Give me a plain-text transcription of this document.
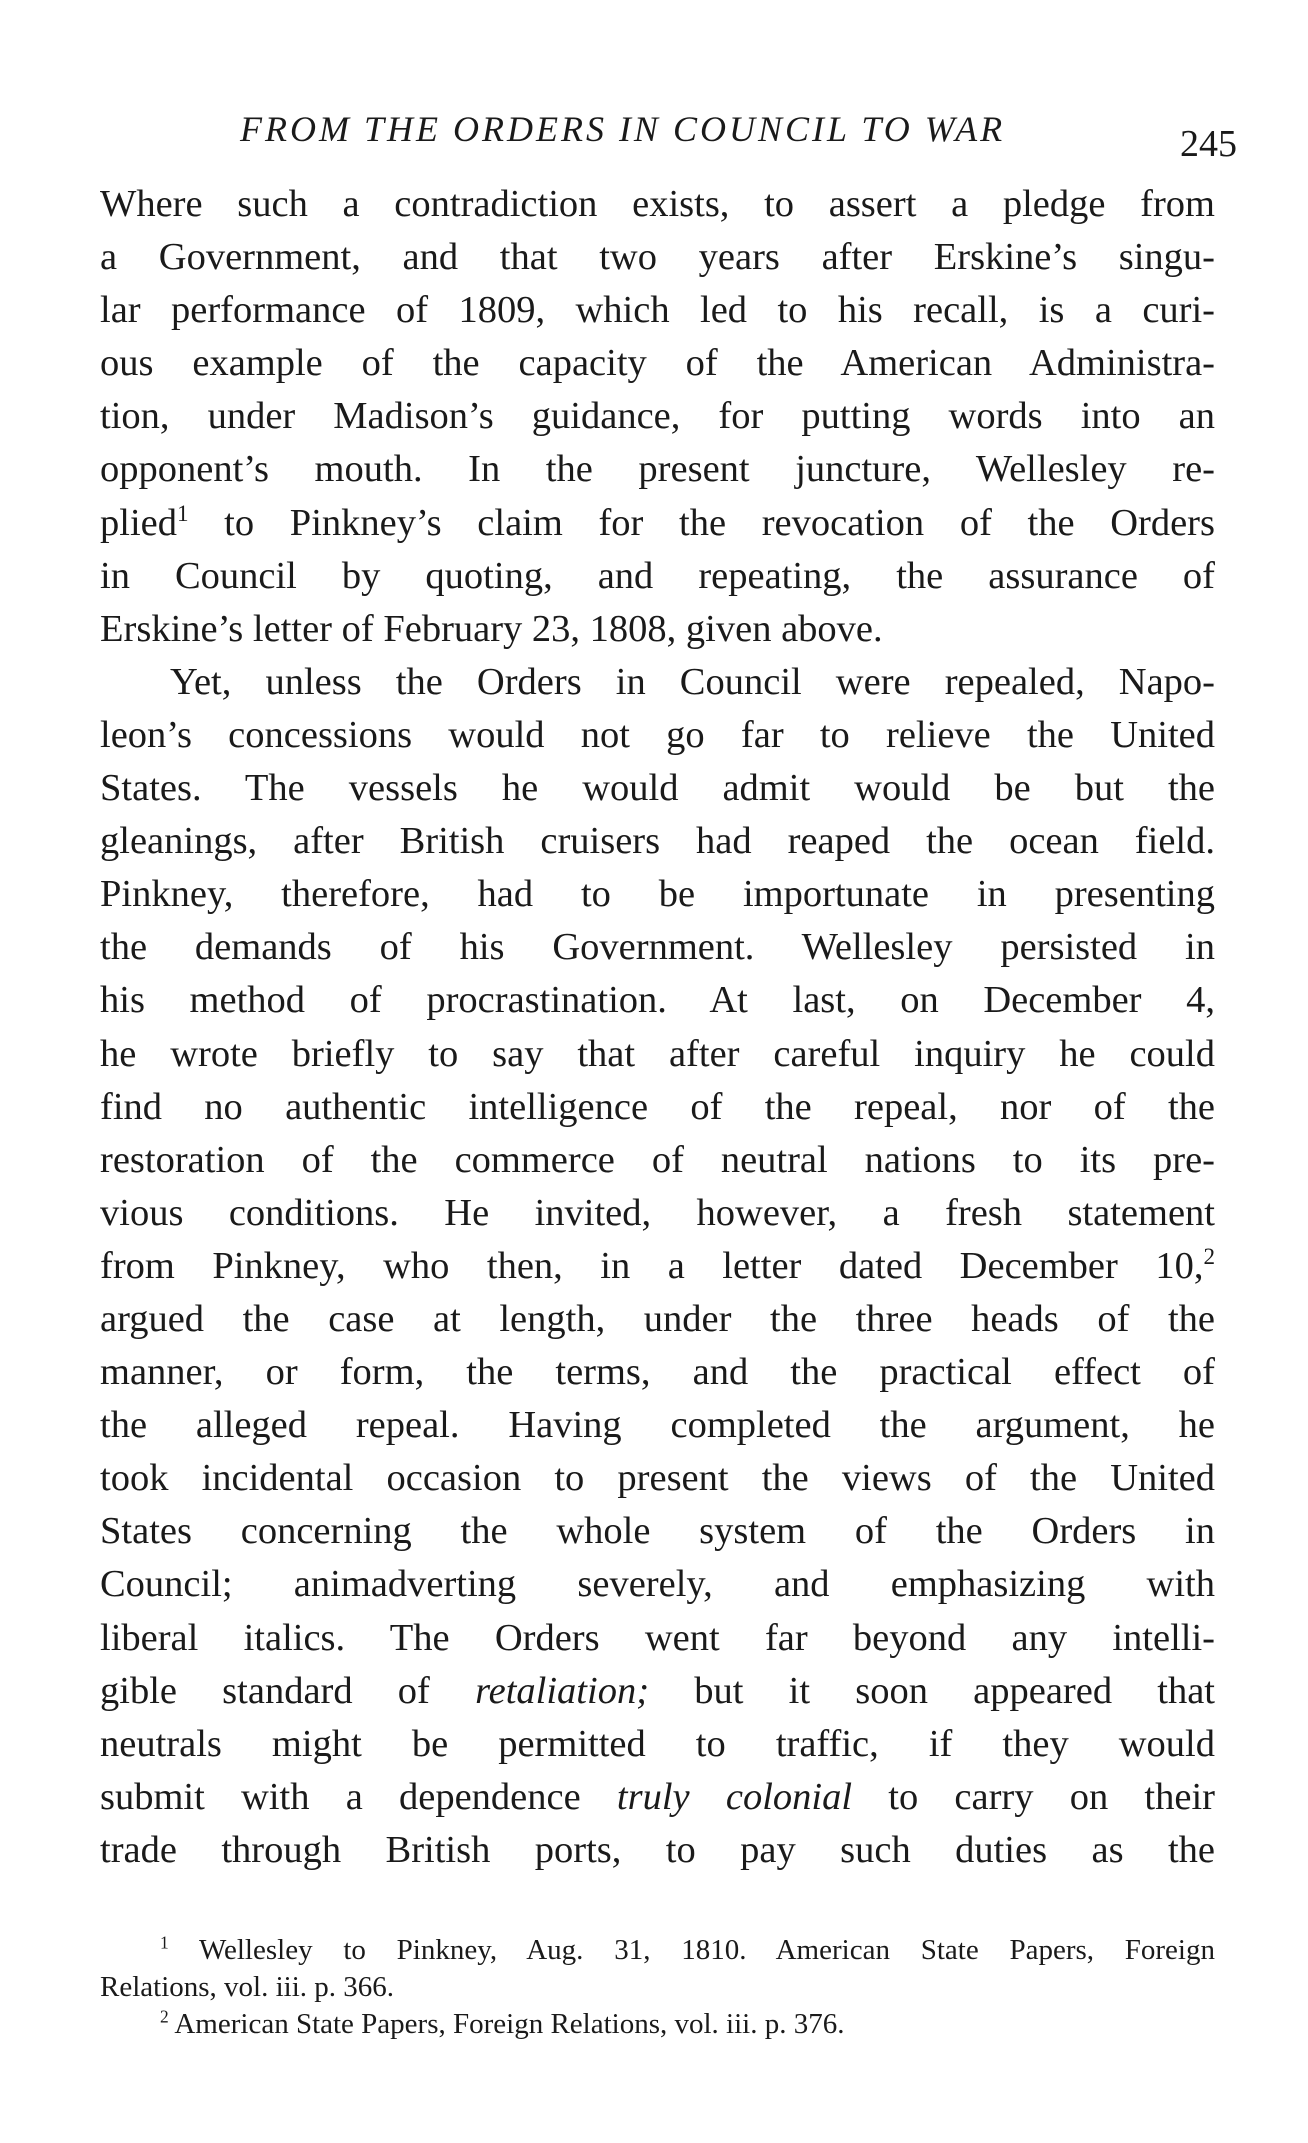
FROM THE ORDERS IN COUNCIL TO WAR	245
Where such a contradiction exists, to assert a pledge from
a Government, and that two years after Erskine’s singu-
lar performance of 1809, which led to his recall, is a curi-
ous example of the capacity of the American Administra-
tion, under Madison’s guidance, for putting words into an
opponent’s mouth. In the present juncture, Wellesley re-
plied$^1$ to Pinkney’s claim for the revocation of the Orders
in Council by quoting, and repeating, the assurance of
Erskine’s letter of February 23, 1808, given above.
Yet, unless the Orders in Council were repealed, Napo-
leon’s concessions would not go far to relieve the United
States. The vessels he would admit would be but the
gleanings, after British cruisers had reaped the ocean field.
Pinkney, therefore, had to be importunate in presenting
the demands of his Government. Wellesley persisted in
his method of procrastination. At last, on December 4,
he wrote briefly to say that after careful inquiry he could
find no authentic intelligence of the repeal, nor of the
restoration of the commerce of neutral nations to its pre-
vious conditions. He invited, however, a fresh statement
from Pinkney, who then, in a letter dated December 10,$^2$
argued the case at length, under the three heads of the
manner, or form, the terms, and the practical effect of
the alleged repeal. Having completed the argument, he
took incidental occasion to present the views of the United
States concerning the whole system of the Orders in
Council; animadverting severely, and emphasizing with
liberal italics. The Orders went far beyond any intelli-
gible standard of retaliation; but it soon appeared that
neutrals might be permitted to traffic, if they would
submit with a dependence truly colonial to carry on their
trade through British ports, to pay such duties as the
$^1$ Wellesley to Pinkney, Aug. 31, 1810. American State Papers, Foreign
Relations, vol. iii. p. 366.
$^2$ American State Papers, Foreign Relations, vol. iii. p. 376.
